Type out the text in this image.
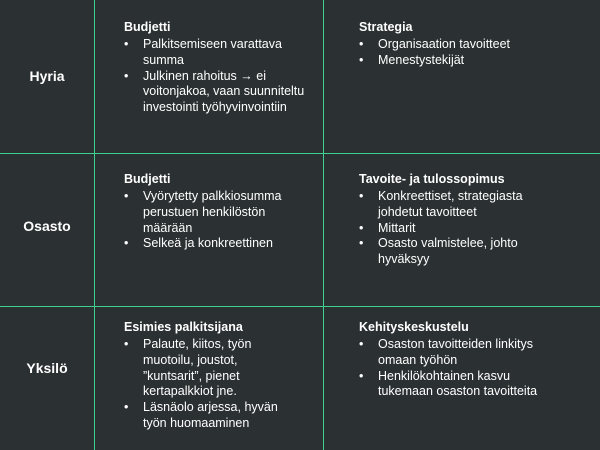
Hyria
Budjetti
• Palkitsemiseen varattava summa
• Julkinen rahoitus → ei voitonjakoa, vaan suunniteltu investointi työhyvinvointiin
Strategia
• Organisaation tavoitteet
• Menestystekijät
Osasto
Budjetti
• Vyörytetty palkkiosumma perustuen henkilöstön määrään
• Selkeä ja konkreettinen
Tavoite- ja tulossopimus
• Konkreettiset, strategiasta johdetut tavoitteet
• Mittarit
• Osasto valmistelee, johto hyväksyy
Yksilö
Esimies palkitsijana
• Palaute, kiitos, työn muotoilu, joustot, ”kuntsarit”, pienet kertapalkkiot jne.
• Läsnäolo arjessa, hyvän työn huomaaminen
Kehityskeskustelu
• Osaston tavoitteiden linkitys omaan työhön
• Henkilökohtainen kasvu tukemaan osaston tavoitteita
